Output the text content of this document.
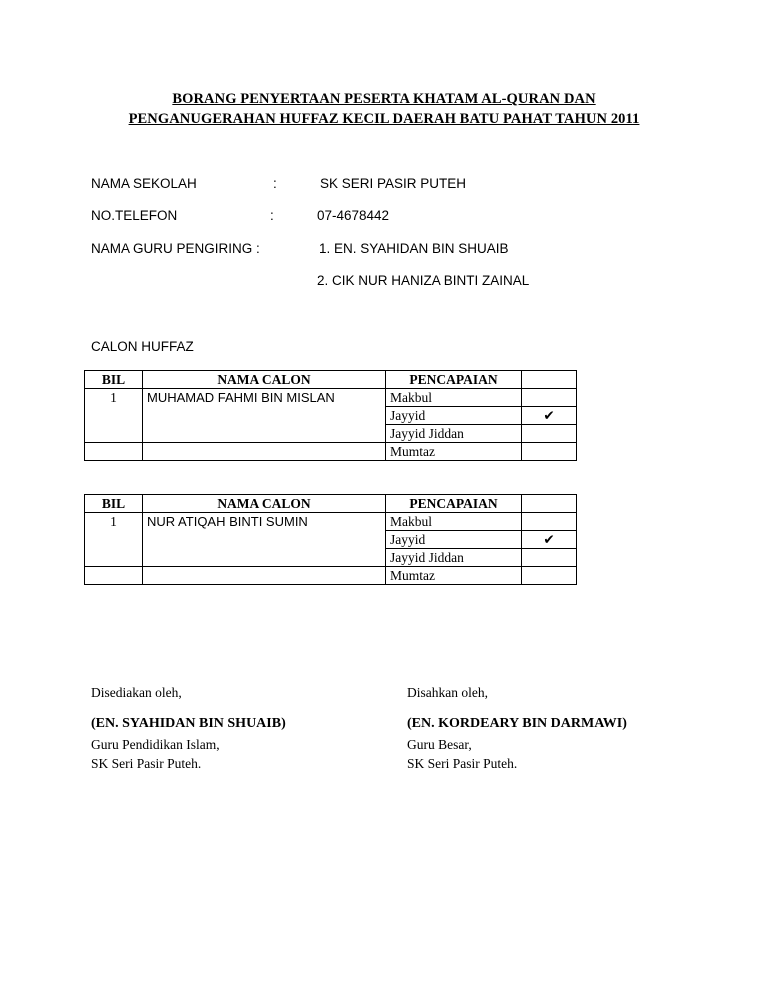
BORANG PENYERTAAN PESERTA KHATAM AL-QURAN DAN
PENGANUGERAHAN HUFFAZ KECIL DAERAH BATU PAHAT TAHUN 2011
NAMA SEKOLAH	:	SK SERI PASIR PUTEH
NO.TELEFON	:	07-4678442
NAMA GURU PENGIRING :	1. EN. SYAHIDAN BIN SHUAIB
2. CIK NUR HANIZA BINTI ZAINAL
CALON HUFFAZ
BIL	NAMA CALON	PENCAPAIAN	
1	MUHAMAD FAHMI BIN MISLAN	Makbul	
		Jayyid	✔
		Jayyid Jiddan	
		Mumtaz	
BIL	NAMA CALON	PENCAPAIAN	
1	NUR ATIQAH BINTI SUMIN	Makbul	
		Jayyid	✔
		Jayyid Jiddan	
		Mumtaz	
Disediakan oleh,
(EN. SYAHIDAN BIN SHUAIB)
Guru Pendidikan Islam,
SK Seri Pasir Puteh.
Disahkan oleh,
(EN. KORDEARY BIN DARMAWI)
Guru Besar,
SK Seri Pasir Puteh.
